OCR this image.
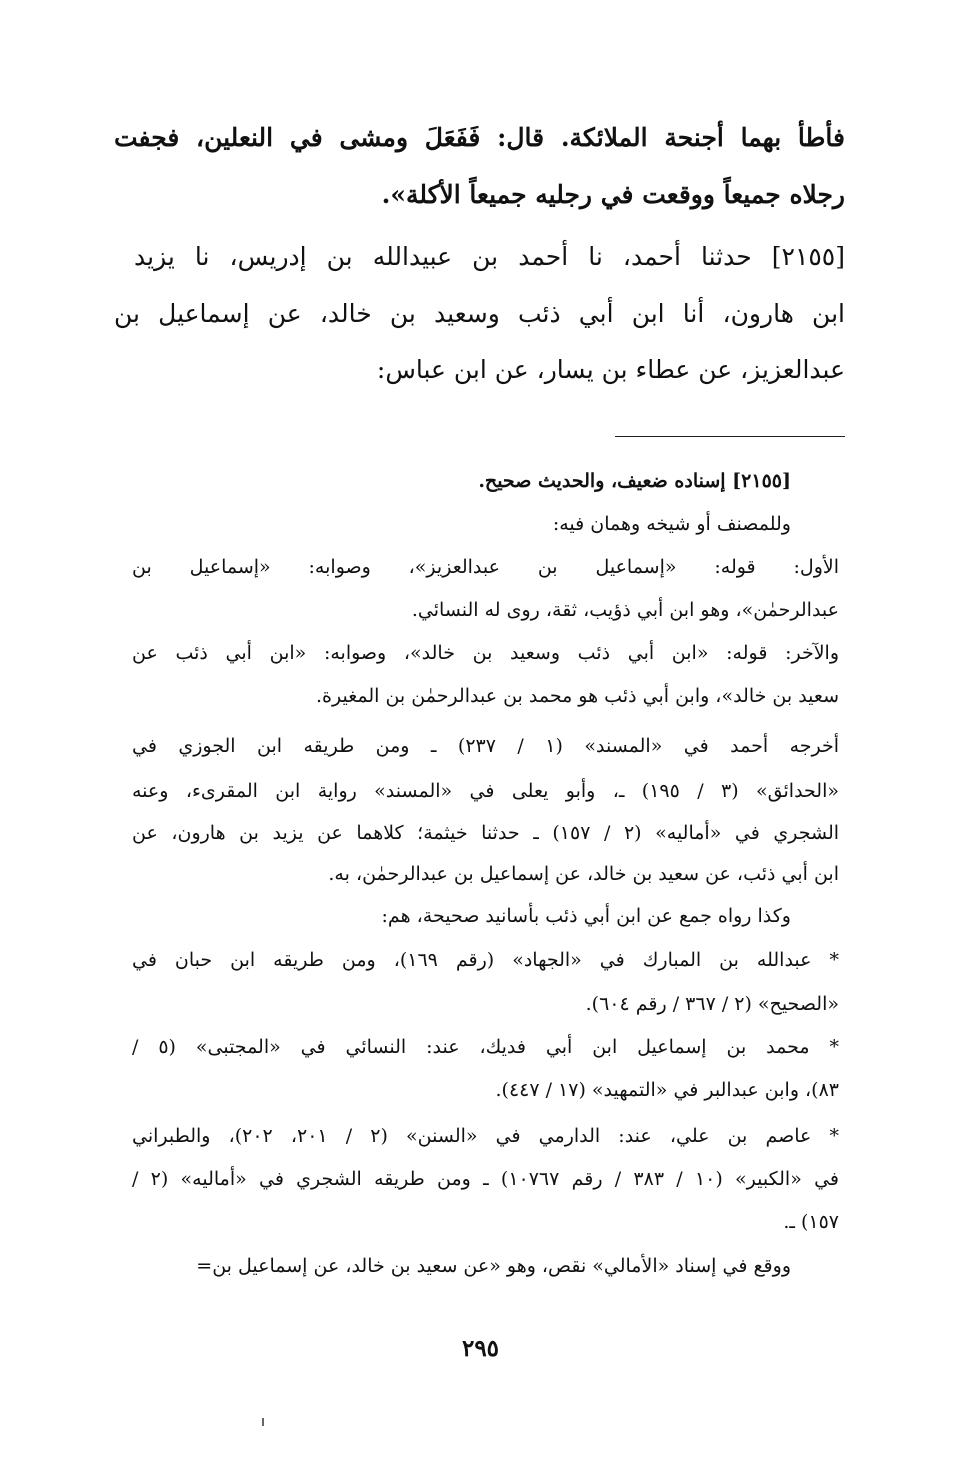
فأطأ بهما أجنحة الملائكة. قال: فَفَعَلَ ومشى في النعلين، فجفت
رجلاه جميعاً ووقعت في رجليه جميعاً الأكلة».
[٢١٥٥] حدثنا أحمد، نا أحمد بن عبيدالله بن إدريس، نا يزيد
ابن هارون، أنا ابن أبي ذئب وسعيد بن خالد، عن إسماعيل بن
عبدالعزيز، عن عطاء بن يسار، عن ابن عباس:
[٢١٥٥] إسناده ضعيف، والحديث صحيح.
وللمصنف أو شيخه وهمان فيه:
الأول: قوله: «إسماعيل بن عبدالعزيز»، وصوابه: «إسماعيل بن
عبدالرحمٰن»، وهو ابن أبي ذؤيب، ثقة، روى له النسائي.
والآخر: قوله: «ابن أبي ذئب وسعيد بن خالد»، وصوابه: «ابن أبي ذئب عن
سعيد بن خالد»، وابن أبي ذئب هو محمد بن عبدالرحمٰن بن المغيرة.
أخرجه أحمد في «المسند» (١ / ٢٣٧) ـ ومن طريقه ابن الجوزي في
«الحدائق» (٣ / ١٩٥) ـ، وأبو يعلى في «المسند» رواية ابن المقرىء، وعنه
الشجري في «أماليه» (٢ / ١٥٧) ـ حدثنا خيثمة؛ كلاهما عن يزيد بن هارون، عن
ابن أبي ذئب، عن سعيد بن خالد، عن إسماعيل بن عبدالرحمٰن، به.
وكذا رواه جمع عن ابن أبي ذئب بأسانيد صحيحة، هم:
* عبدالله بن المبارك في «الجهاد» (رقم ١٦٩)، ومن طريقه ابن حبان في
«الصحيح» (٢ / ٣٦٧ / رقم ٦٠٤).
* محمد بن إسماعيل ابن أبي فديك، عند: النسائي في «المجتبى» (٥ /
٨٣)، وابن عبدالبر في «التمهيد» (١٧ / ٤٤٧).
* عاصم بن علي، عند: الدارمي في «السنن» (٢ / ٢٠١، ٢٠٢)، والطبراني
في «الكبير» (١٠ / ٣٨٣ / رقم ١٠٧٦٧) ـ ومن طريقه الشجري في «أماليه» (٢ /
١٥٧) ـ.
ووقع في إسناد «الأمالي» نقص، وهو «عن سعيد بن خالد، عن إسماعيل بن=
٢٩٥
